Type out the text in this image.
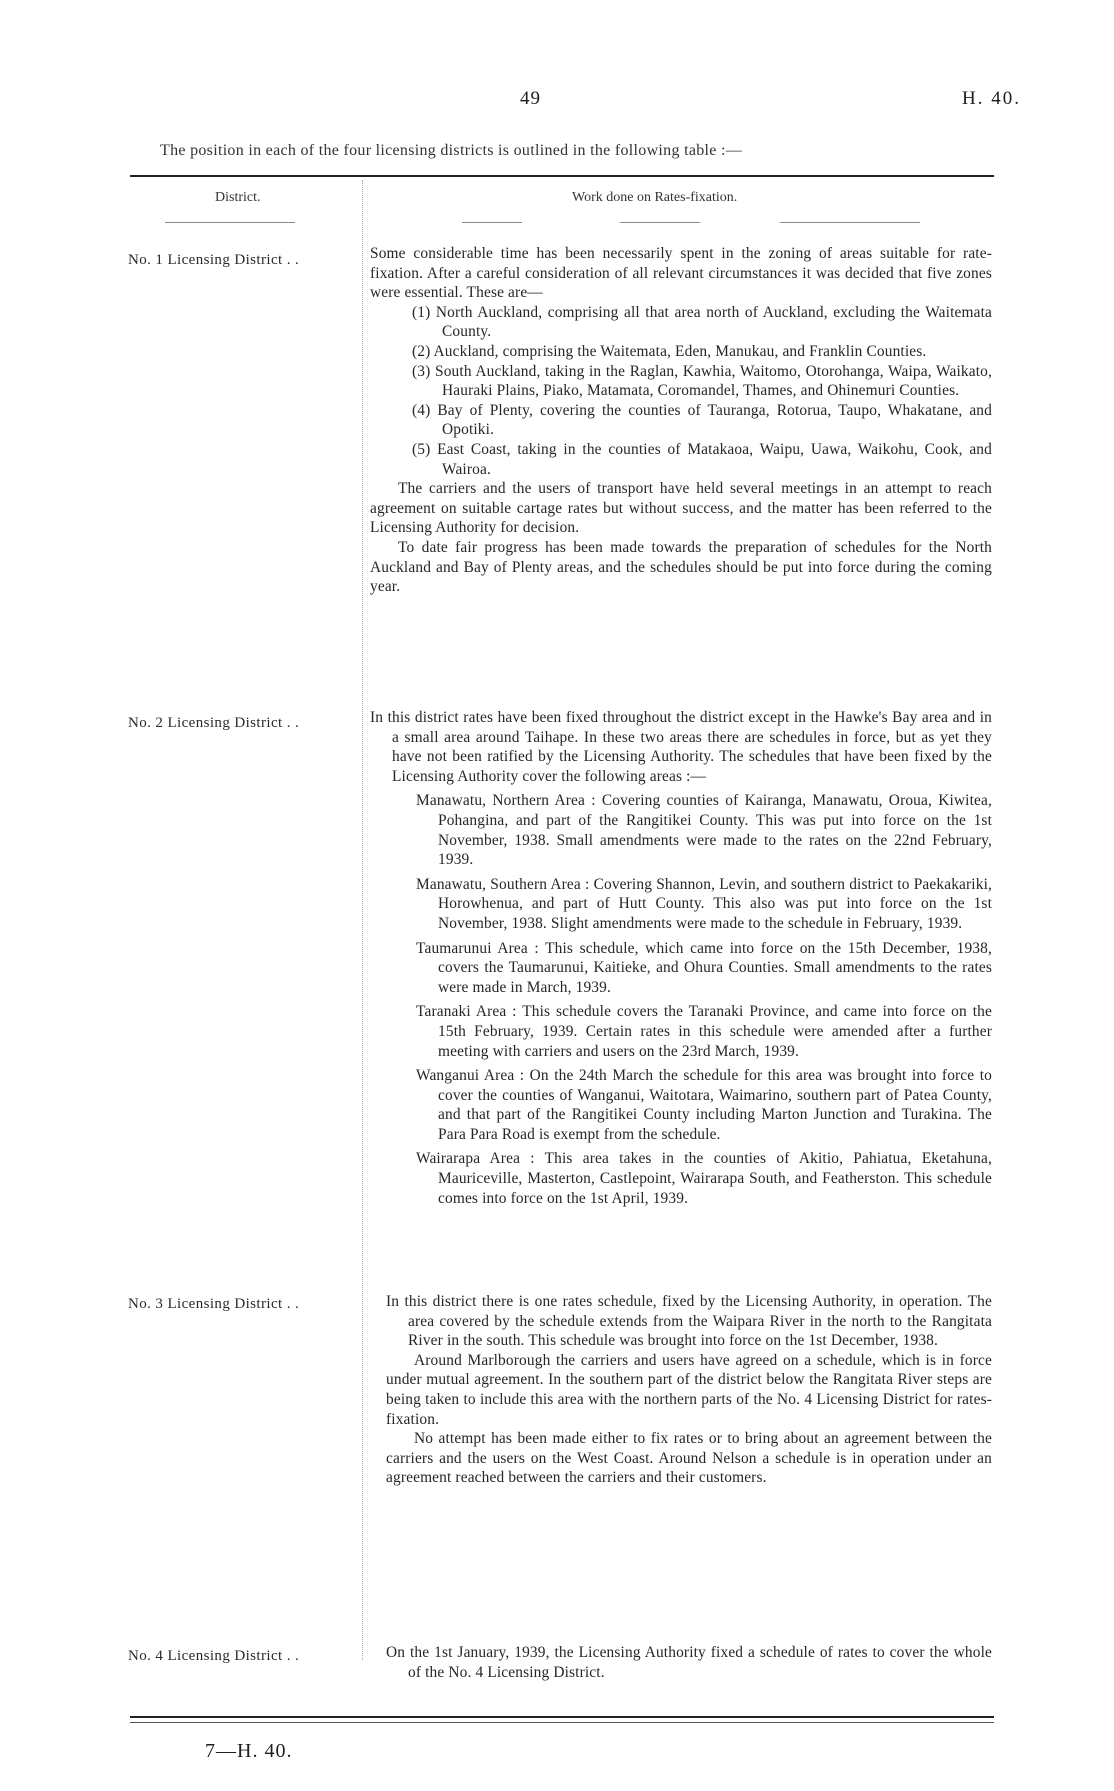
49	H. 40.
The position in each of the four licensing districts is outlined in the following table :—
District.	Work done on Rates-fixation.
No. 1 Licensing District . .	Some considerable time has been necessarily spent in the zoning of areas suitable for rate-fixation. After a careful consideration of all relevant circumstances it was decided that five zones were essential. These are—

(1) North Auckland, comprising all that area north of Auckland, excluding the Waitemata County.

(2) Auckland, comprising the Waitemata, Eden, Manukau, and Franklin Counties.

(3) South Auckland, taking in the Raglan, Kawhia, Waitomo, Otorohanga, Waipa, Waikato, Hauraki Plains, Piako, Matamata, Coromandel, Thames, and Ohinemuri Counties.

(4) Bay of Plenty, covering the counties of Tauranga, Rotorua, Taupo, Whakatane, and Opotiki.

(5) East Coast, taking in the counties of Matakaoa, Waipu, Uawa, Waikohu, Cook, and Wairoa.

The carriers and the users of transport have held several meetings in an attempt to reach agreement on suitable cartage rates but without success, and the matter has been referred to the Licensing Authority for decision.

To date fair progress has been made towards the preparation of schedules for the North Auckland and Bay of Plenty areas, and the schedules should be put into force during the coming year.

No. 2 Licensing District . .	In this district rates have been fixed throughout the district except in the Hawke's Bay area and in a small area around Taihape. In these two areas there are schedules in force, but as yet they have not been ratified by the Licensing Authority. The schedules that have been fixed by the Licensing Authority cover the following areas :—

Manawatu, Northern Area : Covering counties of Kairanga, Manawatu, Oroua, Kiwitea, Pohangina, and part of the Rangitikei County. This was put into force on the 1st November, 1938. Small amendments were made to the rates on the 22nd February, 1939.

Manawatu, Southern Area : Covering Shannon, Levin, and southern district to Paekakariki, Horowhenua, and part of Hutt County. This also was put into force on the 1st November, 1938. Slight amendments were made to the schedule in February, 1939.

Taumarunui Area : This schedule, which came into force on the 15th December, 1938, covers the Taumarunui, Kaitieke, and Ohura Counties. Small amendments to the rates were made in March, 1939.

Taranaki Area : This schedule covers the Taranaki Province, and came into force on the 15th February, 1939. Certain rates in this schedule were amended after a further meeting with carriers and users on the 23rd March, 1939.

Wanganui Area : On the 24th March the schedule for this area was brought into force to cover the counties of Wanganui, Waitotara, Waimarino, southern part of Patea County, and that part of the Rangitikei County including Marton Junction and Turakina. The Para Para Road is exempt from the schedule.

Wairarapa Area : This area takes in the counties of Akitio, Pahiatua, Eketahuna, Mauriceville, Masterton, Castlepoint, Wairarapa South, and Featherston. This schedule comes into force on the 1st April, 1939.

No. 3 Licensing District . .	In this district there is one rates schedule, fixed by the Licensing Authority, in operation. The area covered by the schedule extends from the Waipara River in the north to the Rangitata River in the south. This schedule was brought into force on the 1st December, 1938.

Around Marlborough the carriers and users have agreed on a schedule, which is in force under mutual agreement. In the southern part of the district below the Rangitata River steps are being taken to include this area with the northern parts of the No. 4 Licensing District for rates-fixation.

No attempt has been made either to fix rates or to bring about an agreement between the carriers and the users on the West Coast. Around Nelson a schedule is in operation under an agreement reached between the carriers and their customers.

No. 4 Licensing District . .	On the 1st January, 1939, the Licensing Authority fixed a schedule of rates to cover the whole of the No. 4 Licensing District.

7—H. 40.
